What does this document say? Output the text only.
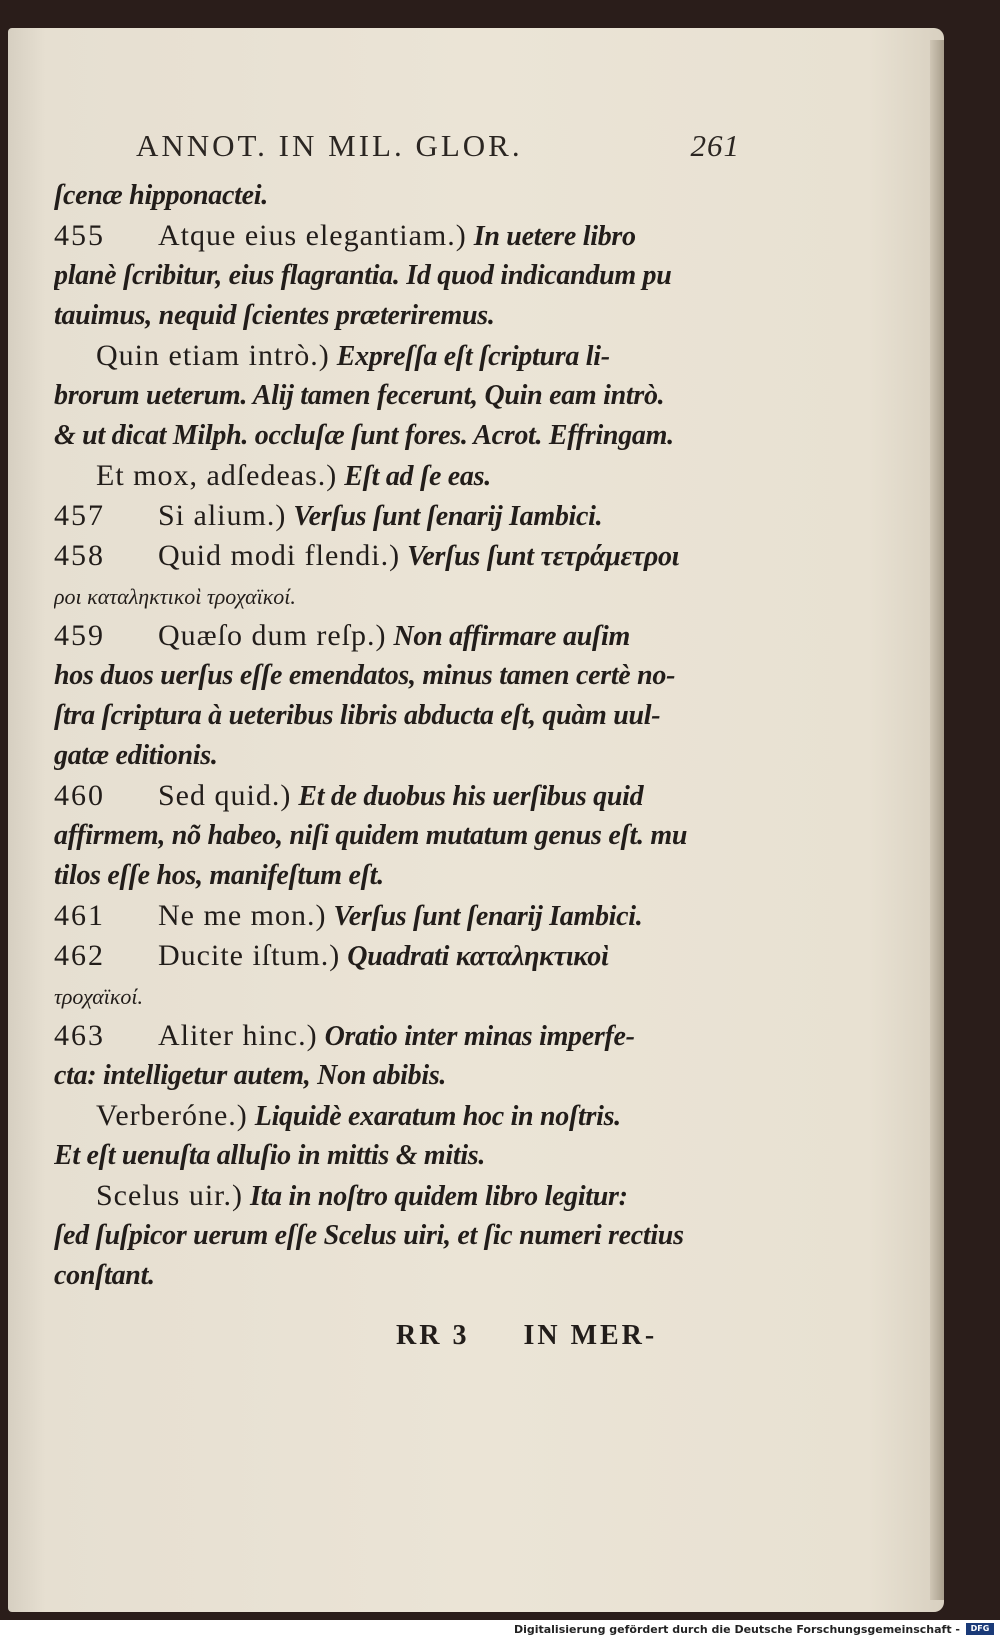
ANNOT. IN MIL. GLOR.	261
ſcenæ hipponactei.
455 Atque eius elegantiam.) In uetere libro
planè ſcribitur, eius flagrantia. Id quod indicandum pu
tauimus, nequid ſcientes præteriremus.
Quin etiam intrò.) Expreſſa eſt ſcriptura li-
brorum ueterum. Alij tamen fecerunt, Quin eam intrò.
& ut dicat Milph. occluſæ ſunt fores. Acrot. Effringam.
Et mox, adſedeas.) Eſt ad ſe eas.
457 Si alium.) Verſus ſunt ſenarij Iambici.
458 Quid modi flendi.) Verſus ſunt τετράμετροι
ροι καταληκτικοὶ τροχαϊκοί.
459 Quæſo dum reſp.) Non affirmare auſim
hos duos uerſus eſſe emendatos, minus tamen certè no-
ſtra ſcriptura à ueteribus libris abducta eſt, quàm uul-
gatæ editionis.
460 Sed quid.) Et de duobus his uerſibus quid
affirmem, nõ habeo, niſi quidem mutatum genus eſt. mu
tilos eſſe hos, manifeſtum eſt.
461 Ne me mon.) Verſus ſunt ſenarij Iambici.
462 Ducite iſtum.) Quadrati καταληκτικοὶ
τροχαϊκοί.
463 Aliter hinc.) Oratio inter minas imperfe-
cta: intelligetur autem, Non abibis.
Verberóne.) Liquidè exaratum hoc in noſtris.
Et eſt uenuſta alluſio in mittis & mitis.
Scelus uir.) Ita in noſtro quidem libro legitur:
ſed ſuſpicor uerum eſſe Scelus uiri, et ſic numeri rectius
conſtant.
RR 3 IN MER-
Digitalisierung gefördert durch die Deutsche Forschungsgemeinschaft -	DFG
